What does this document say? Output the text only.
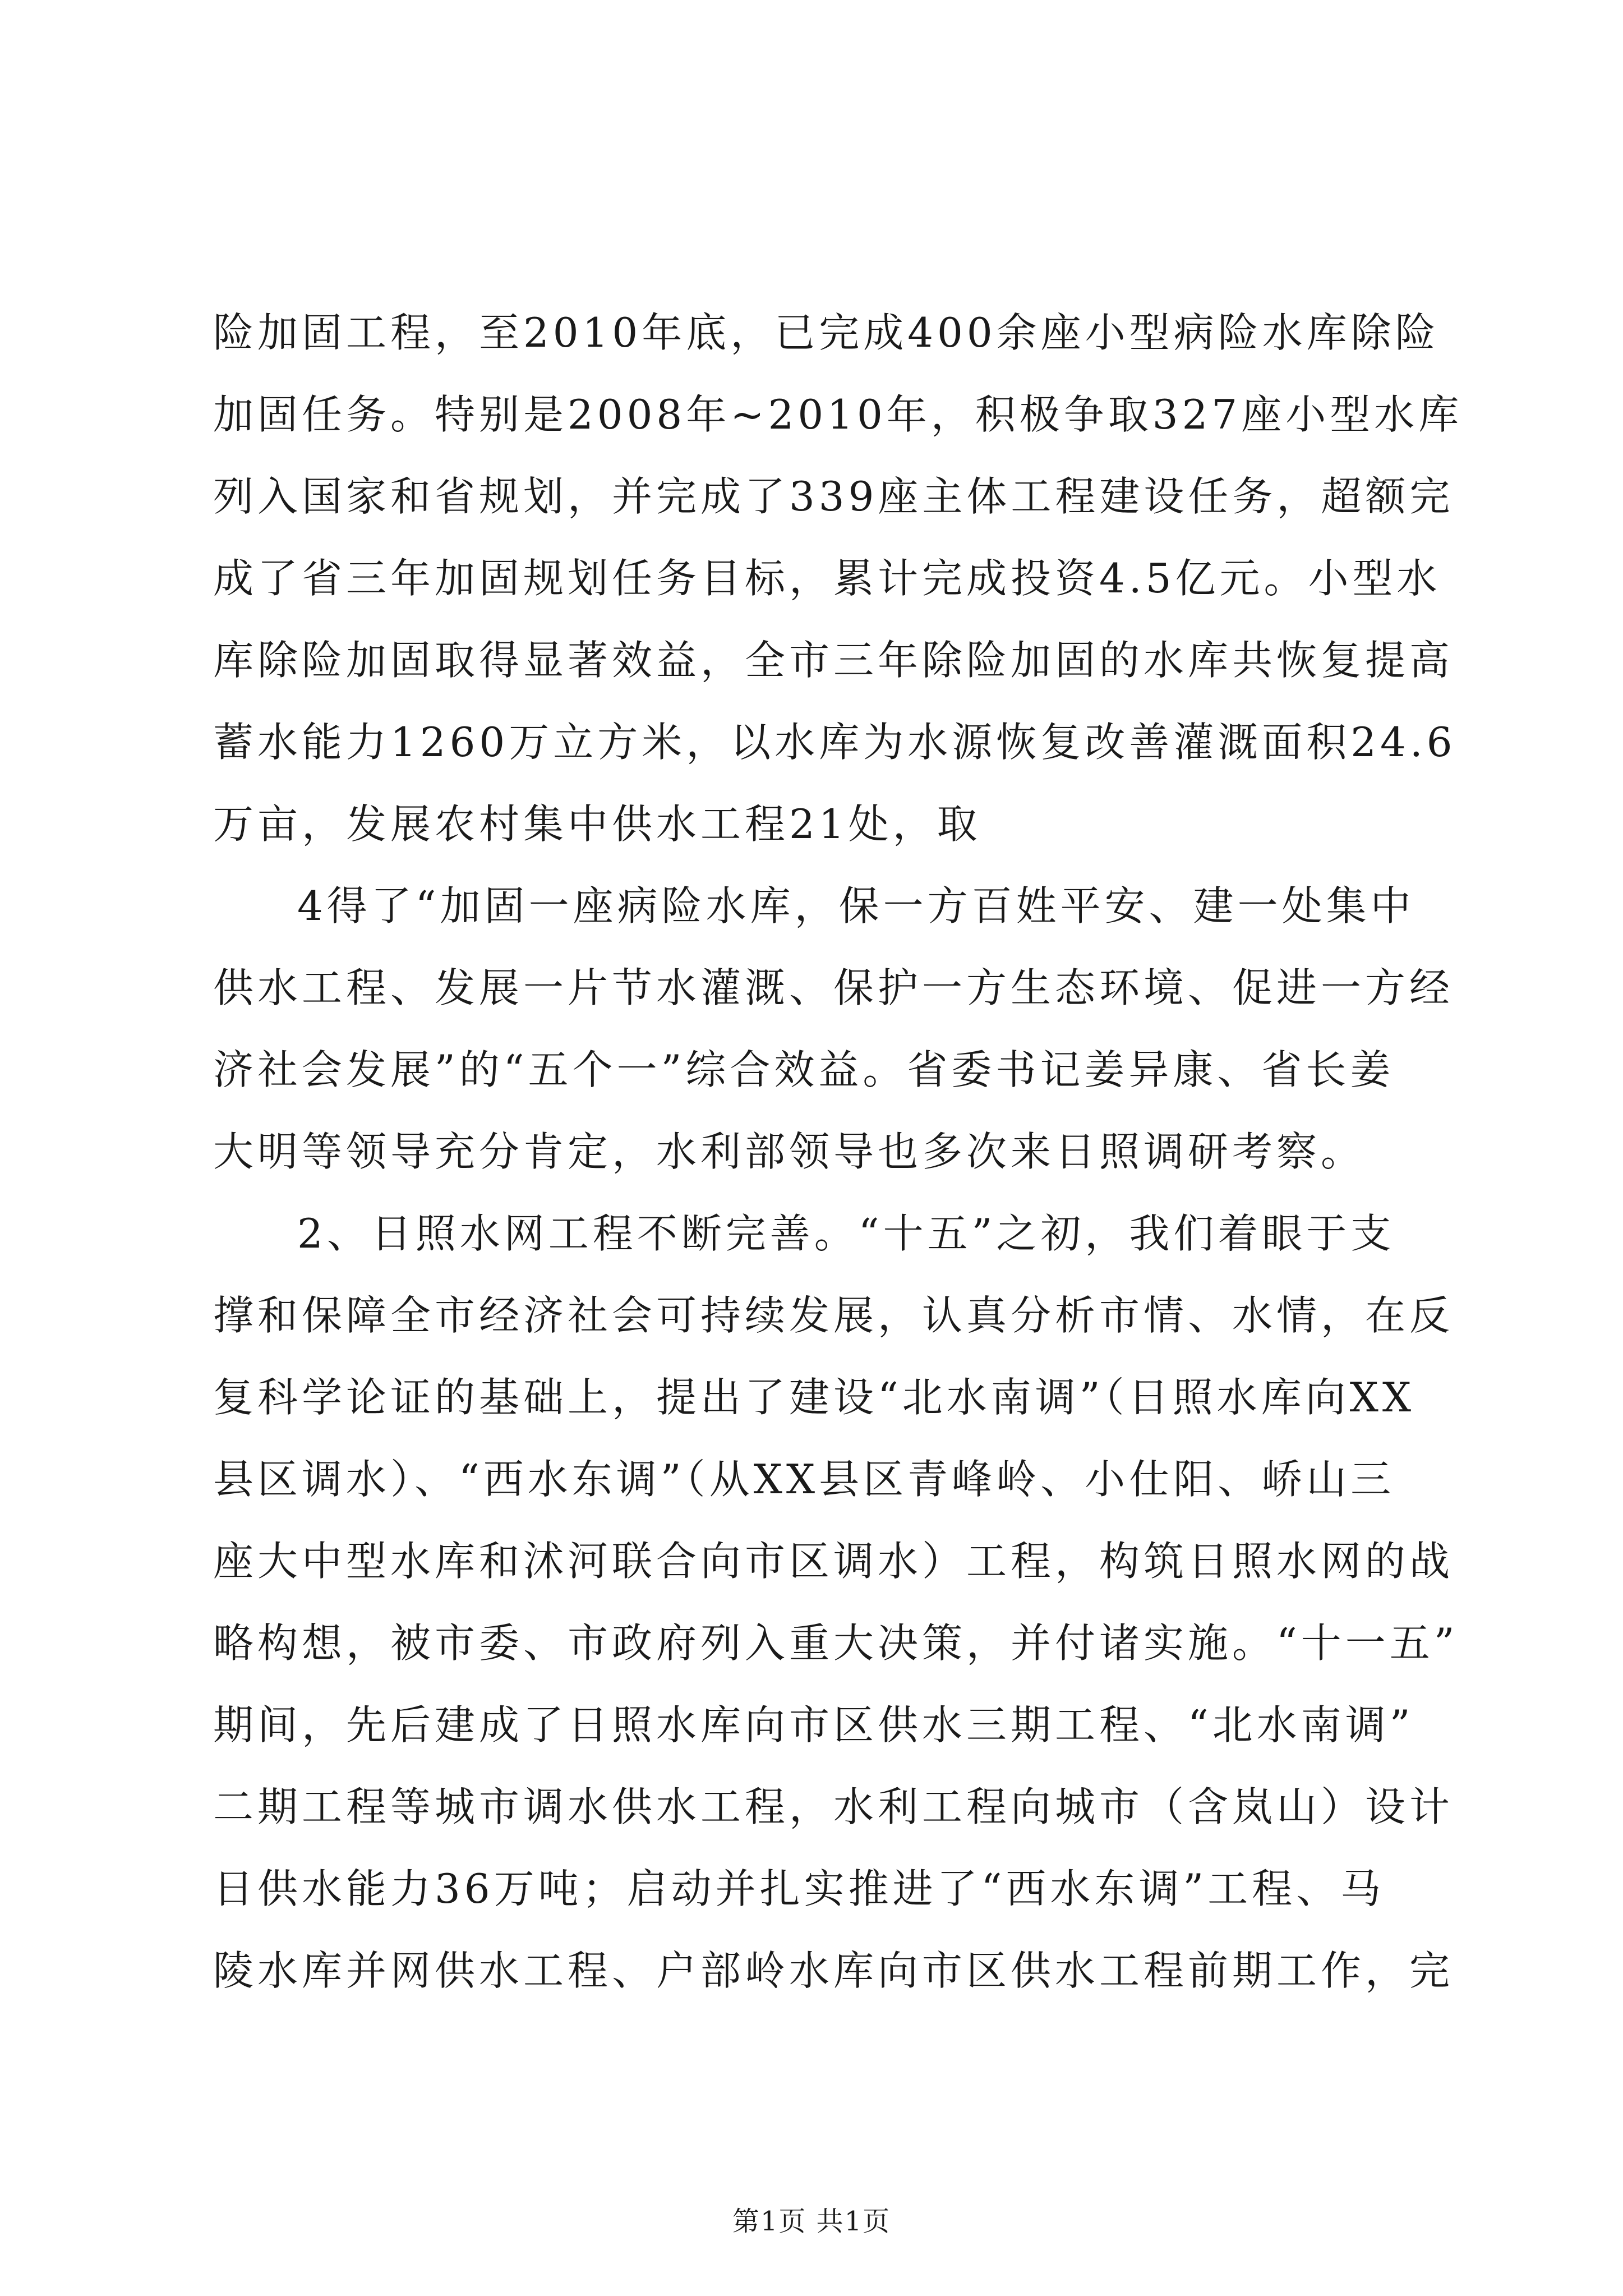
险加固工程，至2010年底，已完成400余座小型病险水库除险
加固任务。特别是2008年~2010年，积极争取327座小型水库
列入国家和省规划，并完成了339座主体工程建设任务，超额完
成了省三年加固规划任务目标，累计完成投资4.5亿元。小型水
库除险加固取得显著效益，全市三年除险加固的水库共恢复提高
蓄水能力1260万立方米，以水库为水源恢复改善灌溉面积24.6
万亩，发展农村集中供水工程21处，取
4得了“加固一座病险水库，保一方百姓平安、建一处集中
供水工程、发展一片节水灌溉、保护一方生态环境、促进一方经
济社会发展”的“五个一”综合效益。省委书记姜异康、省长姜
大明等领导充分肯定，水利部领导也多次来日照调研考察。
2、日照水网工程不断完善。“十五”之初，我们着眼于支
撑和保障全市经济社会可持续发展，认真分析市情、水情，在反
复科学论证的基础上，提出了建设“北水南调”（日照水库向XX
县区调水）、“西水东调”（从XX县区青峰岭、小仕阳、峤山三
座大中型水库和沭河联合向市区调水）工程，构筑日照水网的战
略构想，被市委、市政府列入重大决策，并付诸实施。“十一五”
期间，先后建成了日照水库向市区供水三期工程、“北水南调”
二期工程等城市调水供水工程，水利工程向城市（含岚山）设计
日供水能力36万吨；启动并扎实推进了“西水东调”工程、马
陵水库并网供水工程、户部岭水库向市区供水工程前期工作，完
第1页 共1页
